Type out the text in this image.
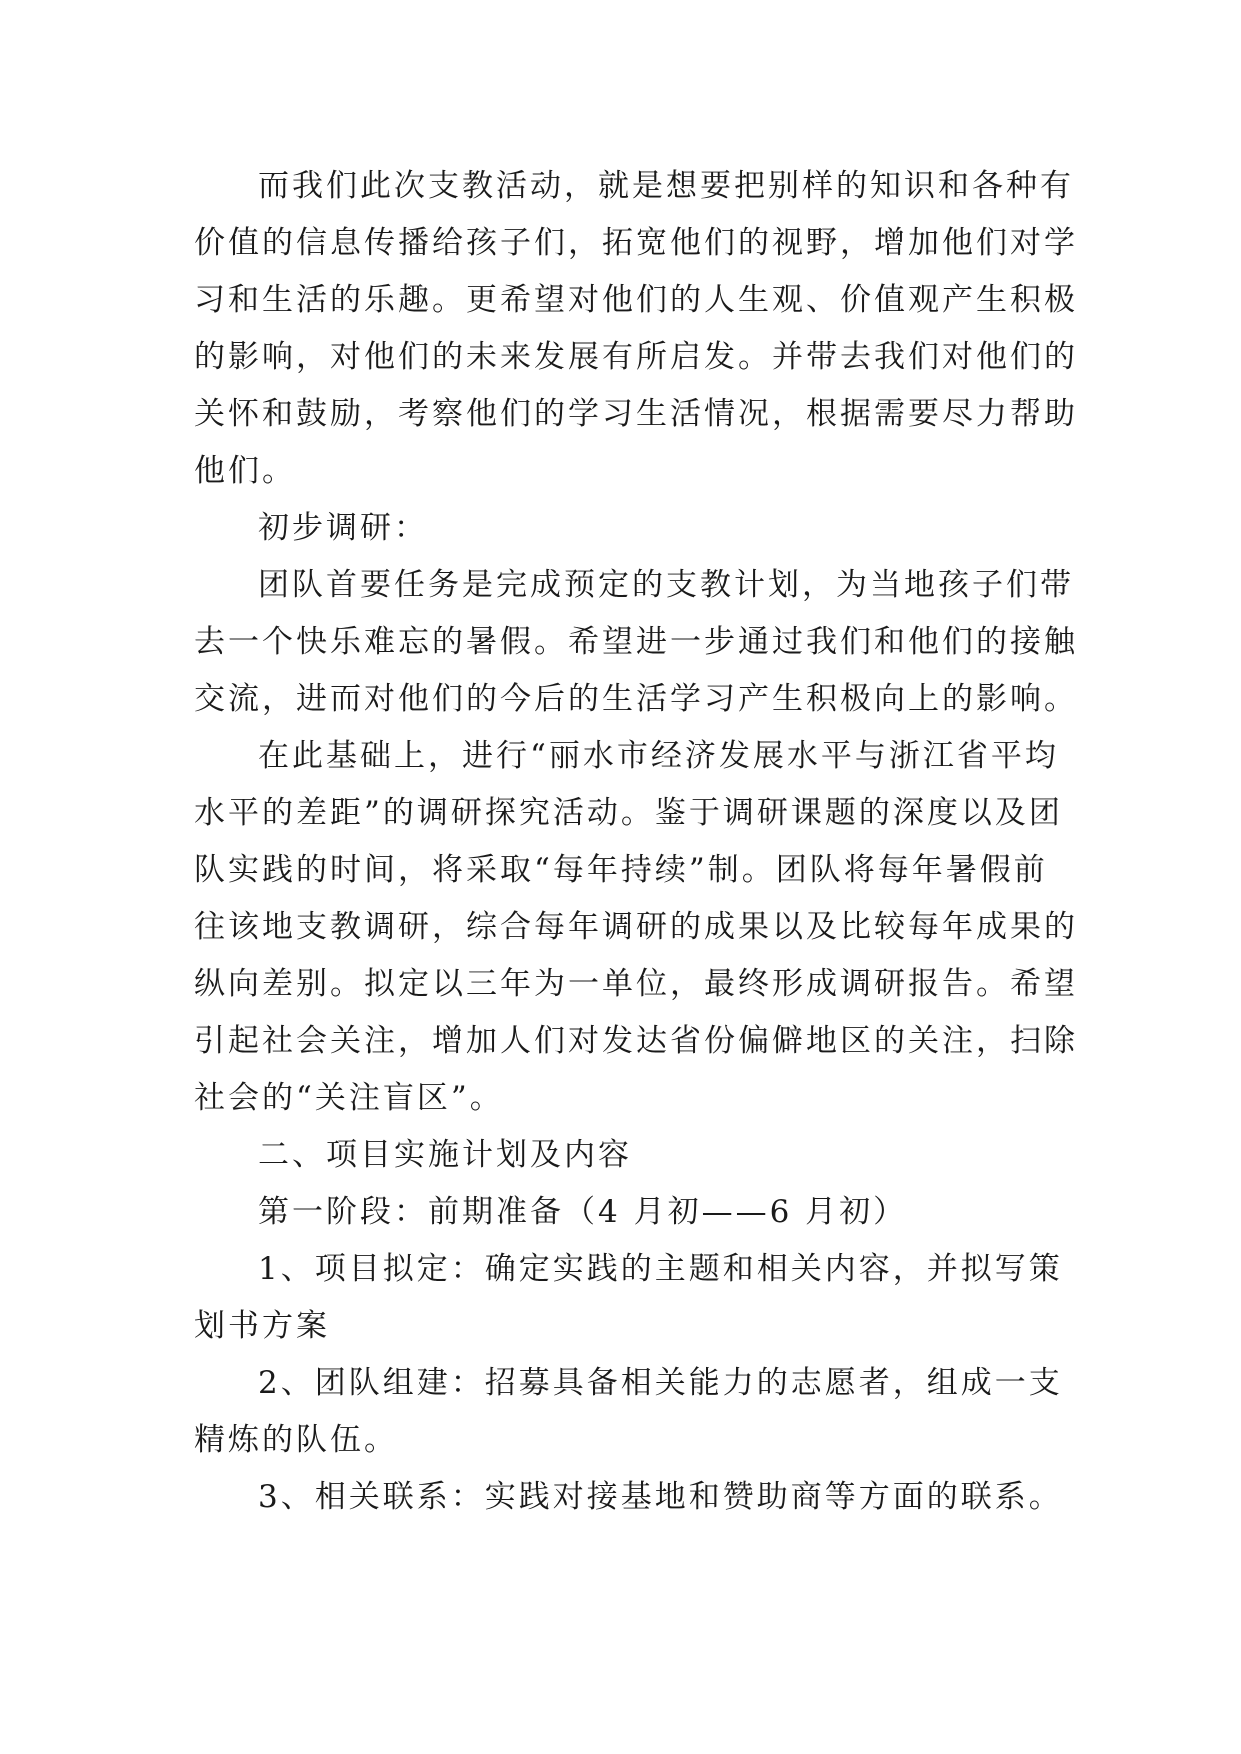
而我们此次支教活动，就是想要把别样的知识和各种有
价值的信息传播给孩子们，拓宽他们的视野，增加他们对学
习和生活的乐趣。更希望对他们的人生观、价值观产生积极
的影响，对他们的未来发展有所启发。并带去我们对他们的
关怀和鼓励，考察他们的学习生活情况，根据需要尽力帮助
他们。
初步调研：
团队首要任务是完成预定的支教计划，为当地孩子们带
去一个快乐难忘的暑假。希望进一步通过我们和他们的接触
交流，进而对他们的今后的生活学习产生积极向上的影响。
在此基础上，进行“丽水市经济发展水平与浙江省平均
水平的差距”的调研探究活动。鉴于调研课题的深度以及团
队实践的时间，将采取“每年持续”制。团队将每年暑假前
往该地支教调研，综合每年调研的成果以及比较每年成果的
纵向差别。拟定以三年为一单位，最终形成调研报告。希望
引起社会关注，增加人们对发达省份偏僻地区的关注，扫除
社会的“关注盲区”。
二、项目实施计划及内容
第一阶段：前期准备（4 月初——6 月初）
1、项目拟定：确定实践的主题和相关内容，并拟写策
划书方案
2、团队组建：招募具备相关能力的志愿者，组成一支
精炼的队伍。
3、相关联系：实践对接基地和赞助商等方面的联系。
